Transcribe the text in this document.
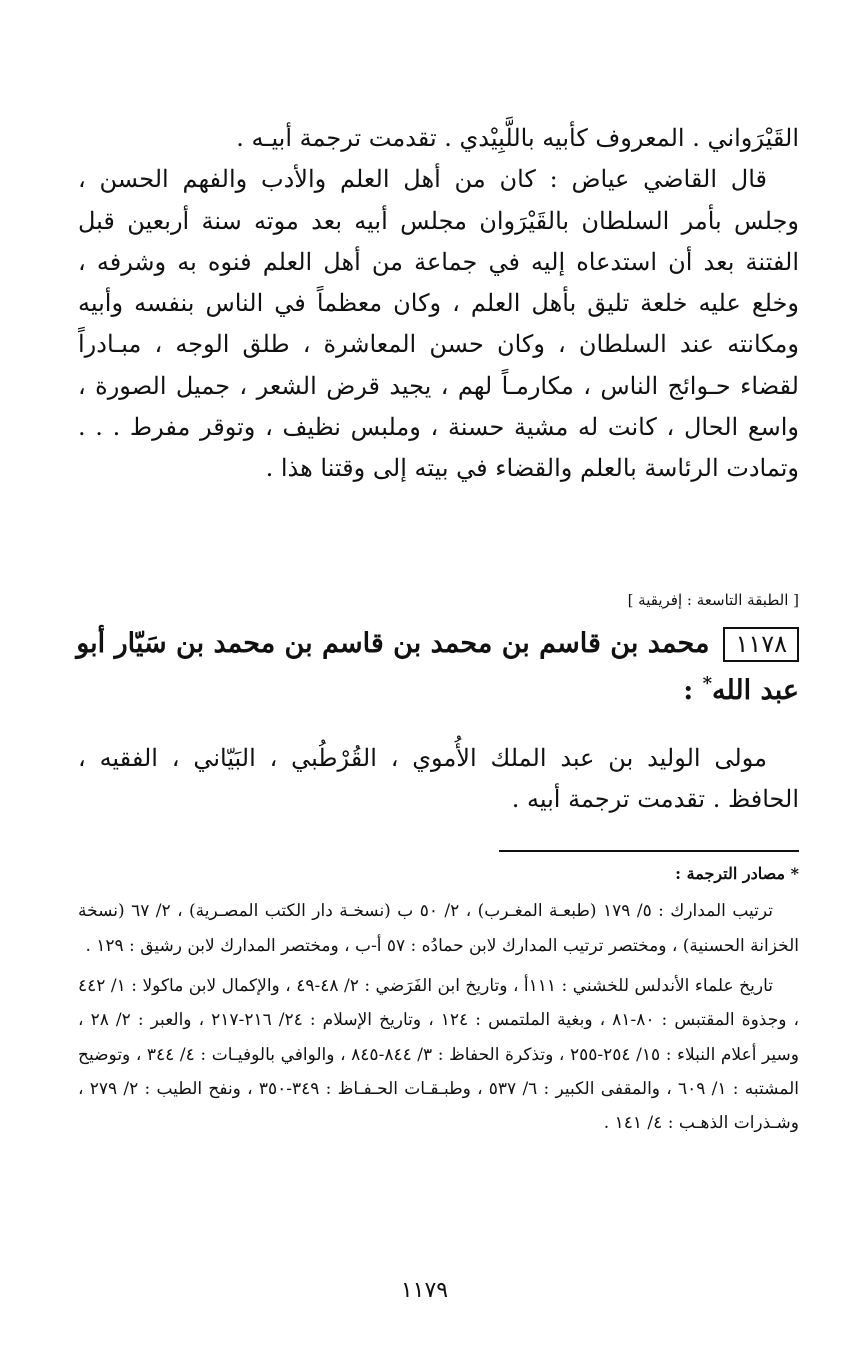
القَيْرَواني . المعروف كأبيه باللَّبِيْدي . تقدمت ترجمة أبيـه .

قال القاضي عياض : كان من أهل العلم والأدب والفهم الحسن ، وجلس بأمر السلطان بالقَيْرَوان مجلس أبيه بعد موته سنة أربعين قبل الفتنة بعد أن استدعاه إليه في جماعة من أهل العلم فنوه به وشرفه ، وخلع عليه خلعة تليق بأهل العلم ، وكان معظماً في الناس بنفسه وأبيه ومكانته عند السلطان ، وكان حسن المعاشرة ، طلق الوجه ، مبـادراً لقضاء حـوائج الناس ، مكارمـاً لهم ، يجيد قرض الشعر ، جميل الصورة ، واسع الحال ، كانت له مشية حسنة ، وملبس نظيف ، وتوقر مفرط . . . وتمادت الرئاسة بالعلم والقضاء في بيته إلى وقتنا هذا .

[ الطبقة التاسعة : إفريقية ]
١١٧٨محمد بن قاسم بن محمد بن قاسم بن محمد بن سَيّار أبو عبد الله* :

مولى الوليد بن عبد الملك الأُموي ، القُرْطُبي ، البَيّاني ، الفقيه ، الحافظ . تقدمت ترجمة أبيه .

* مصادر الترجمة :

ترتيب المدارك : ٥/ ١٧٩ (طبعـة المغـرب) ، ٢/ ٥٠ ب (نسخـة دار الكتب المصـرية) ، ٢/ ٦٧ (نسخة الخزانة الحسنية) ، ومختصر ترتيب المدارك لابن حمادُه : ٥٧ أ-ب ، ومختصر المدارك لابن رشيق : ١٢٩ .

تاريخ علماء الأندلس للخشني : ١١١أ ، وتاريخ ابن الفَرَضي : ٢/ ٤٨-٤٩ ، والإكمال لابن ماكولا : ١/ ٤٤٢ ، وجذوة المقتبس : ٨٠-٨١ ، وبغية الملتمس : ١٢٤ ، وتاريخ الإسلام : ٢٤/ ٢١٦-٢١٧ ، والعبر : ٢/ ٢٨ ، وسير أعلام النبلاء : ١٥/ ٢٥٤-٢٥٥ ، وتذكرة الحفاظ : ٣/ ٨٤٤-٨٤٥ ، والوافي بالوفيـات : ٤/ ٣٤٤ ، وتوضيح المشتبه : ١/ ٦٠٩ ، والمقفى الكبير : ٦/ ٥٣٧ ، وطبـقـات الحـفـاظ : ٣٤٩-٣٥٠ ، ونفح الطيب : ٢/ ٢٧٩ ، وشـذرات الذهـب : ٤/ ١٤١ .

١١٧٩
